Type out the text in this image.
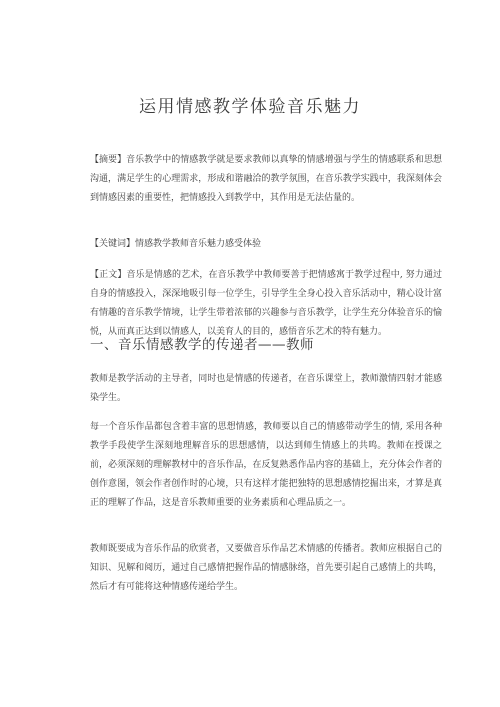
运用情感教学体验音乐魅力

【摘要】音乐教学中的情感教学就是要求教师以真挚的情感增强与学生的情感联系和思想沟通，满足学生的心理需求，形成和谐融洽的教学氛围，在音乐教学实践中，我深刻体会到情感因素的重要性，把情感投入到教学中，其作用是无法估量的。

【关键词】情感教学教师音乐魅力感受体验

【正文】音乐是情感的艺术，在音乐教学中教师要善于把情感寓于教学过程中, 努力通过自身的情感投入，深深地吸引每一位学生，引导学生全身心投入音乐活动中，精心设计富有情趣的音乐教学情境，让学生带着浓郁的兴趣参与音乐教学，让学生充分体验音乐的愉悦，从而真正达到以情感人，以美育人的目的，感悟音乐艺术的特有魅力。

一、音乐情感教学的传递者——教师

教师是教学活动的主导者，同时也是情感的传递者，在音乐课堂上，教师激情四射才能感染学生。

每一个音乐作品都包含着丰富的思想情感，教师要以自己的情感带动学生的情, 采用各种教学手段使学生深刻地理解音乐的思想感情，以达到师生情感上的共鸣。教师在授课之前，必须深刻的理解教材中的音乐作品，在反复熟悉作品内容的基础上，充分体会作者的创作意图，领会作者创作时的心境，只有这样才能把独特的思想感情挖掘出来，才算是真正的理解了作品，这是音乐教师重要的业务素质和心理品质之一。

教师既要成为音乐作品的欣赏者，又要做音乐作品艺术情感的传播者。教师应根据自己的知识、见解和阅历，通过自己感情把握作品的情感脉络，首先要引起自己感情上的共鸣，然后才有可能将这种情感传递给学生。
